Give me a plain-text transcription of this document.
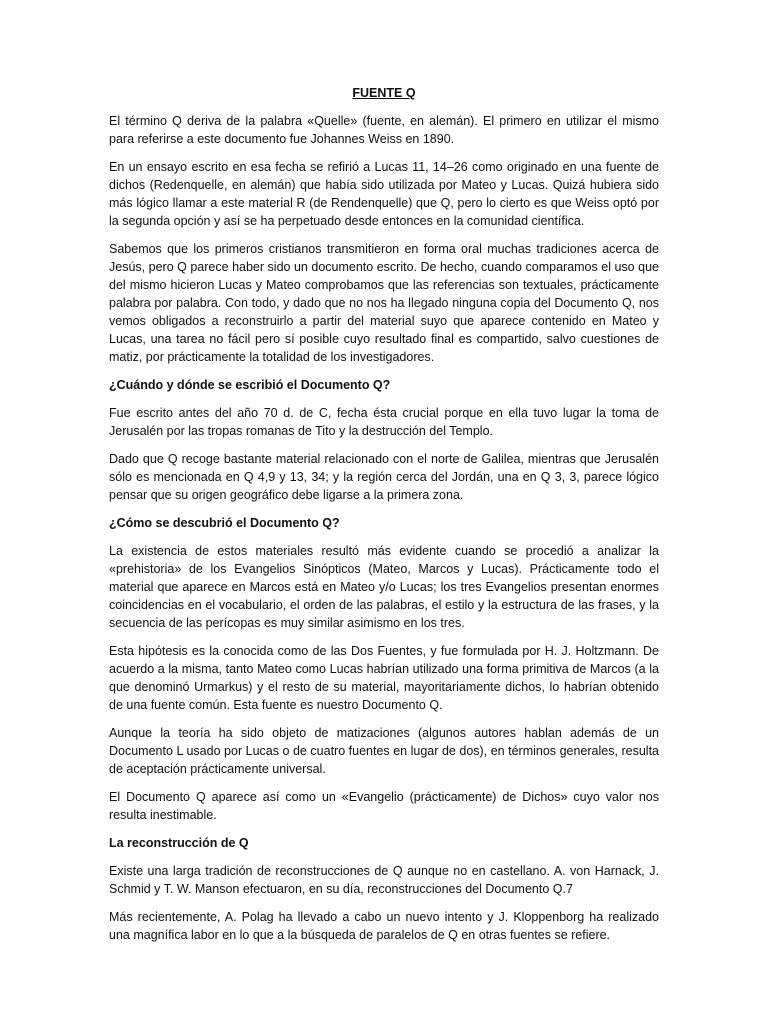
FUENTE Q

El término Q deriva de la palabra «Quelle» (fuente, en alemán). El primero en utilizar el mismo para referirse a este documento fue Johannes Weiss en 1890.

En un ensayo escrito en esa fecha se refirió a Lucas 11, 14–26 como originado en una fuente de dichos (Redenquelle, en alemán) que había sido utilizada por Mateo y Lucas. Quizá hubiera sido más lógico llamar a este material R (de Rendenquelle) que Q, pero lo cierto es que Weiss optó por la segunda opción y así se ha perpetuado desde entonces en la comunidad científica.

Sabemos que los primeros cristianos transmitieron en forma oral muchas tradiciones acerca de Jesús, pero Q parece haber sido un documento escrito. De hecho, cuando comparamos el uso que del mismo hicieron Lucas y Mateo comprobamos que las referencias son textuales, prácticamente palabra por palabra. Con todo, y dado que no nos ha llegado ninguna copia del Documento Q, nos vemos obligados a reconstruirlo a partir del material suyo que aparece contenido en Mateo y Lucas, una tarea no fácil pero sí posible cuyo resultado final es compartido, salvo cuestiones de matiz, por prácticamente la totalidad de los investigadores.

¿Cuándo y dónde se escribió el Documento Q?

Fue escrito antes del año 70 d. de C, fecha ésta crucial porque en ella tuvo lugar la toma de Jerusalén por las tropas romanas de Tito y la destrucción del Templo.

Dado que Q recoge bastante material relacionado con el norte de Galilea, mientras que Jerusalén sólo es mencionada en Q 4,9 y 13, 34; y la región cerca del Jordán, una en Q 3, 3, parece lógico pensar que su origen geográfico debe ligarse a la primera zona.

¿Cómo se descubrió el Documento Q?

La existencia de estos materiales resultó más evidente cuando se procedió a analizar la «prehistoria» de los Evangelios Sinópticos (Mateo, Marcos y Lucas). Prácticamente todo el material que aparece en Marcos está en Mateo y/o Lucas; los tres Evangelios presentan enormes coincidencias en el vocabulario, el orden de las palabras, el estilo y la estructura de las frases, y la secuencia de las perícopas es muy similar asimismo en los tres.

Esta hipótesis es la conocida como de las Dos Fuentes, y fue formulada por H. J. Holtzmann. De acuerdo a la misma, tanto Mateo como Lucas habrían utilizado una forma primitiva de Marcos (a la que denominó Urmarkus) y el resto de su material, mayoritariamente dichos, lo habrían obtenido de una fuente común. Esta fuente es nuestro Documento Q.

Aunque la teoría ha sido objeto de matizaciones (algunos autores hablan además de un Documento L usado por Lucas o de cuatro fuentes en lugar de dos), en términos generales, resulta de aceptación prácticamente universal.

El Documento Q aparece así como un «Evangelio (prácticamente) de Dichos» cuyo valor nos resulta inestimable.

La reconstrucción de Q

Existe una larga tradición de reconstrucciones de Q aunque no en castellano. A. von Harnack, J. Schmid y T. W. Manson efectuaron, en su día, reconstrucciones del Documento Q.7

Más recientemente, A. Polag ha llevado a cabo un nuevo intento y J. Kloppenborg ha realizado una magnífica labor en lo que a la búsqueda de paralelos de Q en otras fuentes se refiere.
